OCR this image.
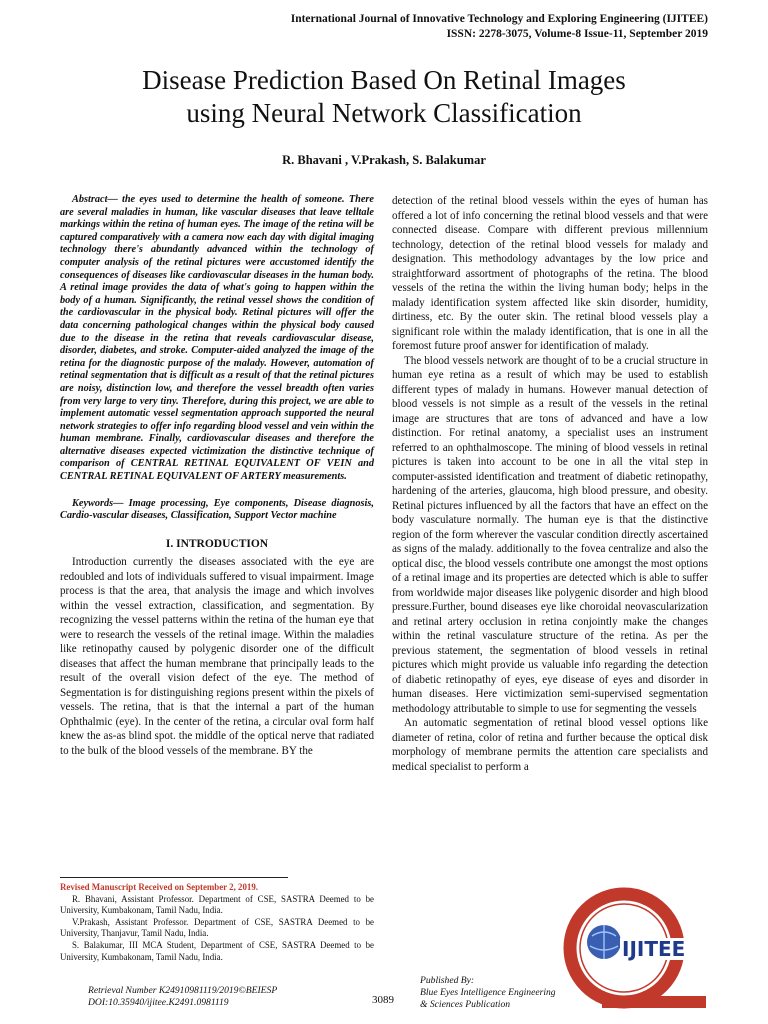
International Journal of Innovative Technology and Exploring Engineering (IJITEE)
ISSN: 2278-3075, Volume-8 Issue-11, September 2019
Disease Prediction Based On Retinal Images
using Neural Network Classification
R. Bhavani , V.Prakash, S. Balakumar

Abstract— the eyes used to determine the health of someone. There are several maladies in human, like vascular diseases that leave telltale markings within the retina of human eyes. The image of the retina will be captured comparatively with a camera now each day with digital imaging technology there's abundantly advanced within the technology of computer analysis of the retinal pictures were accustomed identify the consequences of diseases like cardiovascular diseases in the human body. A retinal image provides the data of what's going to happen within the body of a human. Significantly, the retinal vessel shows the condition of the cardiovascular in the physical body. Retinal pictures will offer the data concerning pathological changes within the physical body caused due to the disease in the retina that reveals cardiovascular disease, disorder, diabetes, and stroke. Computer-aided analyzed the image of the retina for the diagnostic purpose of the malady. However, automation of retinal segmentation that is difficult as a result of that the retinal pictures are noisy, distinction low, and therefore the vessel breadth often varies from very large to very tiny. Therefore, during this project, we are able to implement automatic vessel segmentation approach supported the neural network strategies to offer info regarding blood vessel and vein within the human membrane. Finally, cardiovascular diseases and therefore the alternative diseases expected victimization the distinctive technique of comparison of CENTRAL RETINAL EQUIVALENT OF VEIN and CENTRAL RETINAL EQUIVALENT OF ARTERY measurements.

Keywords— Image processing, Eye components, Disease diagnosis, Cardio-vascular diseases, Classification, Support Vector machine

I. INTRODUCTION

Introduction currently the diseases associated with the eye are redoubled and lots of individuals suffered to visual impairment. Image process is that the area, that analysis the image and which involves within the vessel extraction, classification, and segmentation. By recognizing the vessel patterns within the retina of the human eye that were to research the vessels of the retinal image. Within the maladies like retinopathy caused by polygenic disorder one of the difficult diseases that affect the human membrane that principally leads to the result of the overall vision defect of the eye. The method of Segmentation is for distinguishing regions present within the pixels of vessels. The retina, that is that the internal a part of the human Ophthalmic (eye). In the center of the retina, a circular oval form half knew the as-as blind spot. the middle of the optical nerve that radiated to the bulk of the blood vessels of the membrane. BY the

detection of the retinal blood vessels within the eyes of human has offered a lot of info concerning the retinal blood vessels and that were connected disease. Compare with different previous millennium technology, detection of the retinal blood vessels for malady and designation. This methodology advantages by the low price and straightforward assortment of photographs of the retina. The blood vessels of the retina the within the living human body; helps in the malady identification system affected like skin disorder, humidity, dirtiness, etc. By the outer skin. The retinal blood vessels play a significant role within the malady identification, that is one in all the foremost future proof answer for identification of malady.

The blood vessels network are thought of to be a crucial structure in human eye retina as a result of which may be used to establish different types of malady in humans. However manual detection of blood vessels is not simple as a result of the vessels in the retinal image are structures that are tons of advanced and have a low distinction. For retinal anatomy, a specialist uses an instrument referred to an ophthalmoscope. The mining of blood vessels in retinal pictures is taken into account to be one in all the vital step in computer-assisted identification and treatment of diabetic retinopathy, hardening of the arteries, glaucoma, high blood pressure, and obesity. Retinal pictures influenced by all the factors that have an effect on the body vasculature normally. The human eye is that the distinctive region of the form wherever the vascular condition directly ascertained as signs of the malady. additionally to the fovea centralize and also the optical disc, the blood vessels contribute one amongst the most options of a retinal image and its properties are detected which is able to suffer from worldwide major diseases like polygenic disorder and high blood pressure.Further, bound diseases eye like choroidal neovascularization and retinal artery occlusion in retina conjointly make the changes within the retinal vasculature structure of the retina. As per the previous statement, the segmentation of blood vessels in retinal pictures which might provide us valuable info regarding the detection of diabetic retinopathy of eyes, eye disease of eyes and disorder in human diseases. Here victimization semi-supervised segmentation methodology attributable to simple to use for segmenting the vessels

An automatic segmentation of retinal blood vessel options like diameter of retina, color of retina and further because the optical disk morphology of membrane permits the attention care specialists and medical specialist to perform a

Revised Manuscript Received on September 2, 2019.

R. Bhavani, Assistant Professor. Department of CSE, SASTRA Deemed to be University, Kumbakonam, Tamil Nadu, India.

V.Prakash, Assistant Professor. Department of CSE, SASTRA Deemed to be University, Thanjavur, Tamil Nadu, India.

S. Balakumar, III MCA Student, Department of CSE, SASTRA Deemed to be University, Kumbakonam, Tamil Nadu, India.

Retrieval Number K24910981119/2019©BEIESP
DOI:10.35940/ijitee.K2491.0981119	3089
Published By:
Blue Eyes Intelligence Engineering
& Sciences Publication
IJITEE
